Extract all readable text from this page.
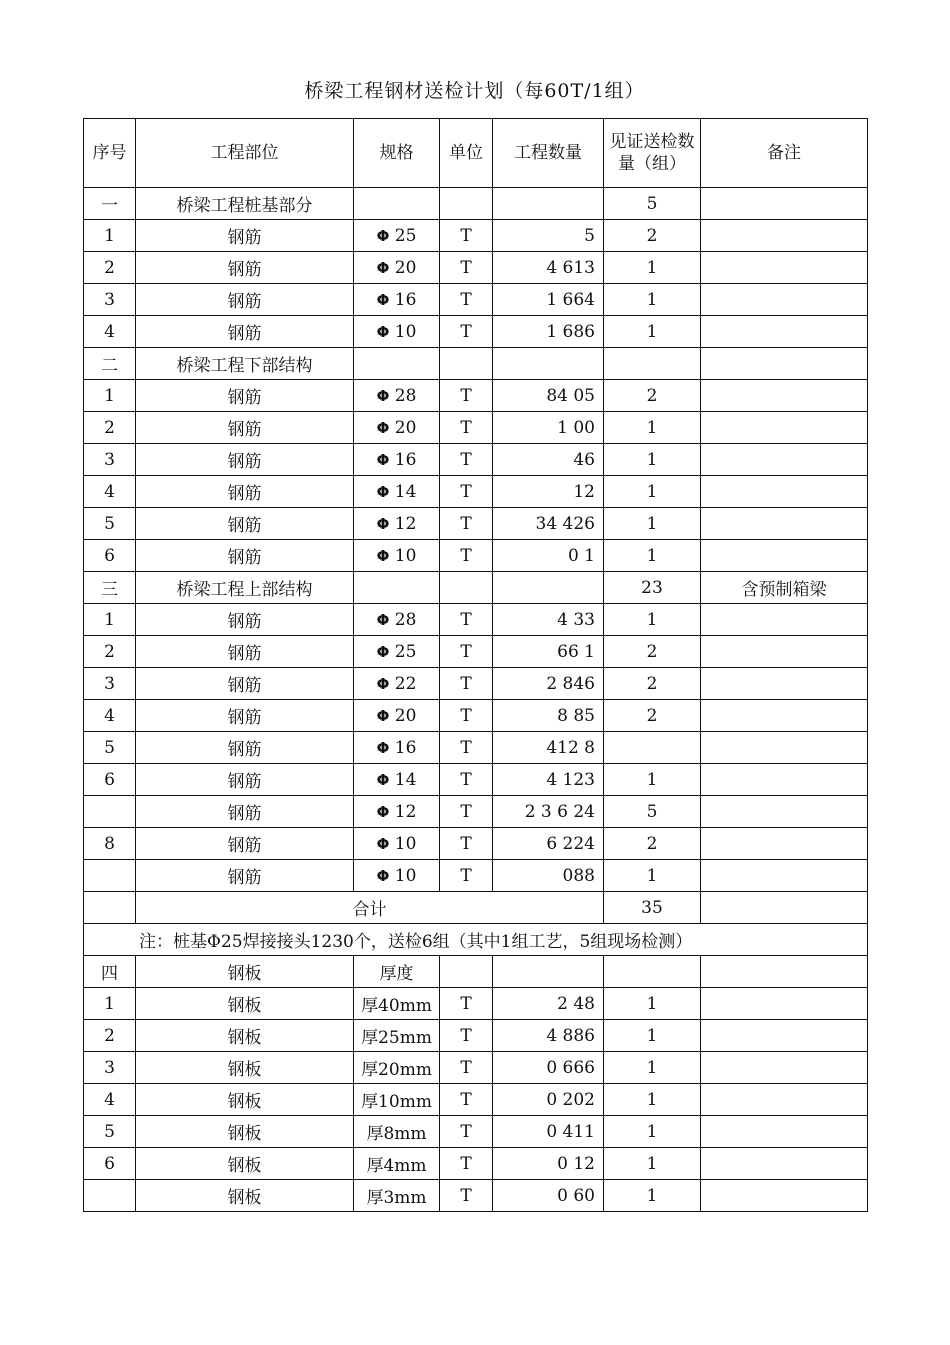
桥梁工程钢材送检计划（每60T/1组）
序号	工程部位	规格	单位	工程数量	见证送检数量（组）	备注
一	桥梁工程桩基部分				5	
1	钢筋	Φ 25	T	5	2	
2	钢筋	Φ 20	T	4 613	1	
3	钢筋	Φ 16	T	1 664	1	
4	钢筋	Φ 10	T	1 686	1	
二	桥梁工程下部结构					
1	钢筋	Φ 28	T	84 05	2	
2	钢筋	Φ 20	T	1 00	1	
3	钢筋	Φ 16	T	46	1	
4	钢筋	Φ 14	T	12	1	
5	钢筋	Φ 12	T	34 426	1	
6	钢筋	Φ 10	T	0 1	1	
三	桥梁工程上部结构				23	含预制箱梁
1	钢筋	Φ 28	T	4 33	1	
2	钢筋	Φ 25	T	66 1	2	
3	钢筋	Φ 22	T	2 846	2	
4	钢筋	Φ 20	T	8 85	2	
5	钢筋	Φ 16	T	412 8		
6	钢筋	Φ 14	T	4 123	1	
	钢筋	Φ 12	T	2 3 6 24	5	
8	钢筋	Φ 10	T	6 224	2	
	钢筋	Φ 10	T	088	1	
	合计				35	
注：桩基Φ25焊接接头1230个，送检6组（其中1组工艺，5组现场检测）						
四	钢板	厚度				
1	钢板	厚40mm	T	2 48	1	
2	钢板	厚25mm	T	4 886	1	
3	钢板	厚20mm	T	0 666	1	
4	钢板	厚10mm	T	0 202	1	
5	钢板	厚8mm	T	0 411	1	
6	钢板	厚4mm	T	0 12	1	
	钢板	厚3mm	T	0 60	1	
